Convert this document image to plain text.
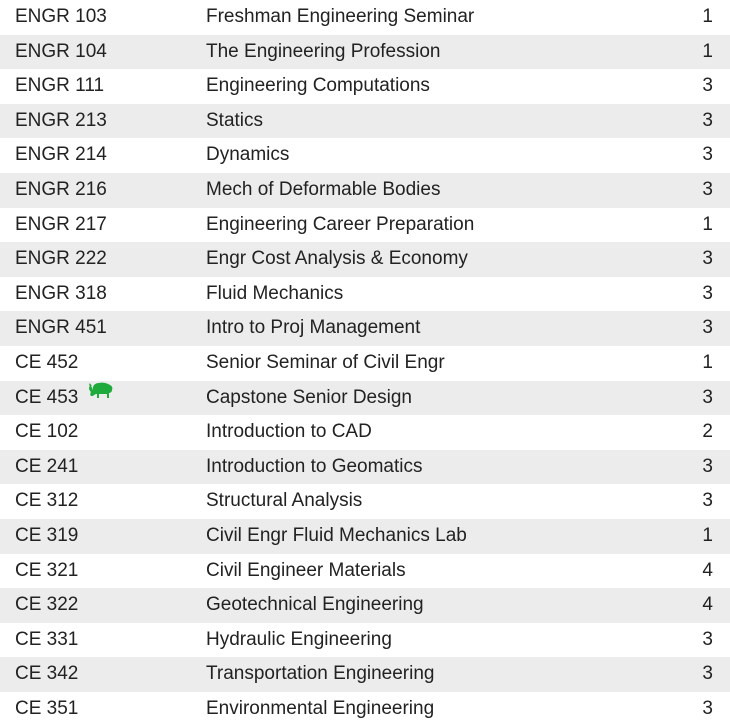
ENGR 103	Freshman Engineering Seminar	1
ENGR 104	The Engineering Profession	1
ENGR 111	Engineering Computations	3
ENGR 213	Statics	3
ENGR 214	Dynamics	3
ENGR 216	Mech of Deformable Bodies	3
ENGR 217	Engineering Career Preparation	1
ENGR 222	Engr Cost Analysis & Economy	3
ENGR 318	Fluid Mechanics	3
ENGR 451	Intro to Proj Management	3
CE 452	Senior Seminar of Civil Engr	1
CE 453	Capstone Senior Design	3
CE 102	Introduction to CAD	2
CE 241	Introduction to Geomatics	3
CE 312	Structural Analysis	3
CE 319	Civil Engr Fluid Mechanics Lab	1
CE 321	Civil Engineer Materials	4
CE 322	Geotechnical Engineering	4
CE 331	Hydraulic Engineering	3
CE 342	Transportation Engineering	3
CE 351	Environmental Engineering	3
